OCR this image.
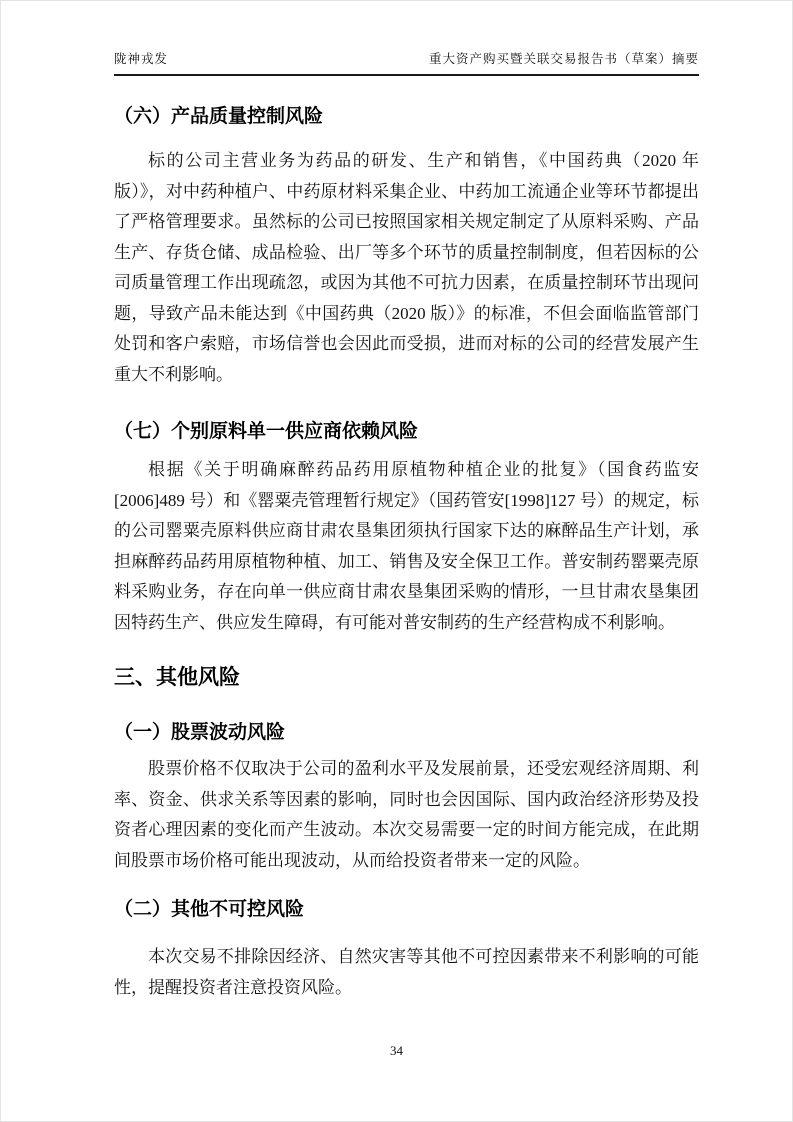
陇神戎发	重大资产购买暨关联交易报告书（草案）摘要
（六）产品质量控制风险

标的公司主营业务为药品的研发、生产和销售，《中国药典（2020 年版）》，对中药种植户、中药原材料采集企业、中药加工流通企业等环节都提出了严格管理要求。虽然标的公司已按照国家相关规定制定了从原料采购、产品生产、存货仓储、成品检验、出厂等多个环节的质量控制制度，但若因标的公司质量管理工作出现疏忽，或因为其他不可抗力因素，在质量控制环节出现问题，导致产品未能达到《中国药典（2020 版）》的标准，不但会面临监管部门处罚和客户索赔，市场信誉也会因此而受损，进而对标的公司的经营发展产生重大不利影响。

（七）个别原料单一供应商依赖风险

根据《关于明确麻醉药品药用原植物种植企业的批复》（国食药监安[2006]489 号）和《罂粟壳管理暂行规定》（国药管安[1998]127 号）的规定，标的公司罂粟壳原料供应商甘肃农垦集团须执行国家下达的麻醉品生产计划，承担麻醉药品药用原植物种植、加工、销售及安全保卫工作。普安制药罂粟壳原料采购业务，存在向单一供应商甘肃农垦集团采购的情形，一旦甘肃农垦集团因特药生产、供应发生障碍，有可能对普安制药的生产经营构成不利影响。

三、其他风险
（一）股票波动风险

股票价格不仅取决于公司的盈利水平及发展前景，还受宏观经济周期、利率、资金、供求关系等因素的影响，同时也会因国际、国内政治经济形势及投资者心理因素的变化而产生波动。本次交易需要一定的时间方能完成，在此期间股票市场价格可能出现波动，从而给投资者带来一定的风险。

（二）其他不可控风险

本次交易不排除因经济、自然灾害等其他不可控因素带来不利影响的可能性，提醒投资者注意投资风险。

34
